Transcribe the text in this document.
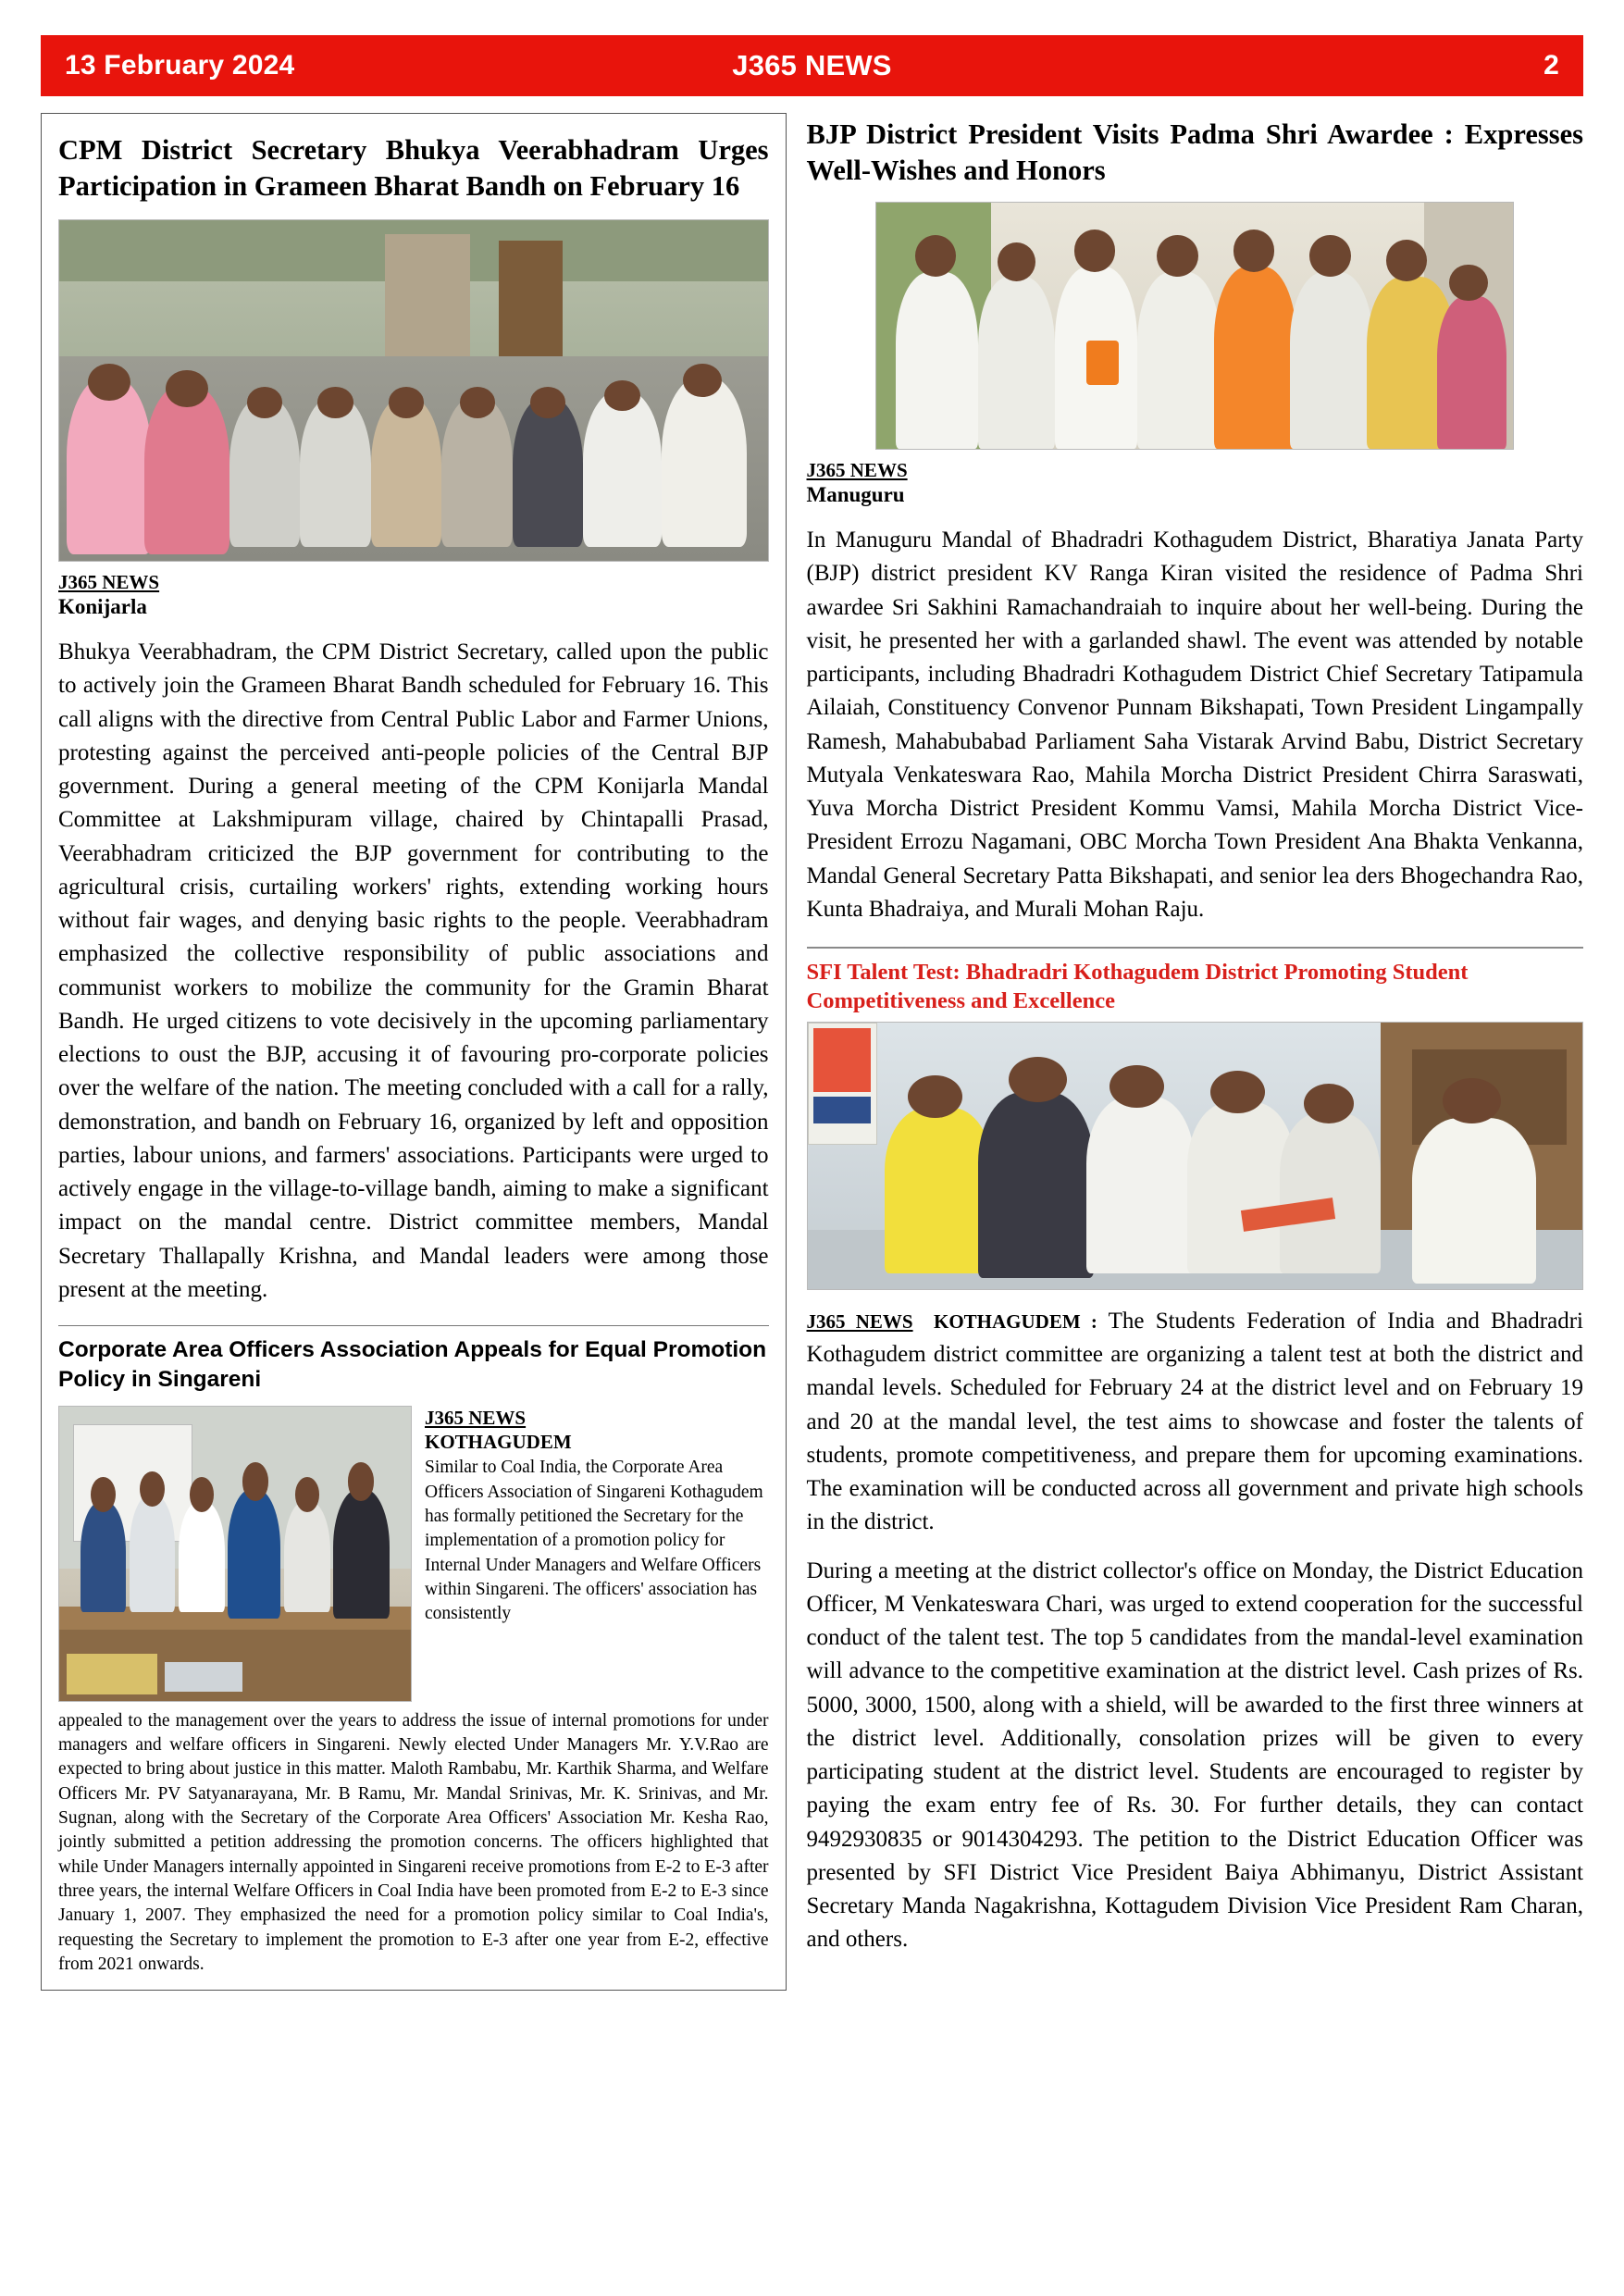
13 February 2024	J365 NEWS	2
CPM District Secretary Bhukya Veerabhadram Urges Participation in Grameen Bharat Bandh on February 16
J365 NEWS
Konijarla

Bhukya Veerabhadram, the CPM District Secretary, called upon the public to actively join the Grameen Bharat Bandh scheduled for February 16. This call aligns with the directive from Central Public Labor and Farmer Unions, protesting against the perceived anti-people policies of the Central BJP government. During a general meeting of the CPM Konijarla Mandal Committee at Lakshmipuram village, chaired by Chintapalli Prasad, Veerabhadram criticized the BJP government for contributing to the agricultural crisis, curtailing workers' rights, extending working hours without fair wages, and denying basic rights to the people. Veerabhadram emphasized the collective responsibility of public associations and communist workers to mobilize the community for the Gramin Bharat Bandh. He urged citizens to vote decisively in the upcoming parliamentary elections to oust the BJP, accusing it of favouring pro-corporate policies over the welfare of the nation. The meeting concluded with a call for a rally, demonstration, and bandh on February 16, organized by left and opposition parties, labour unions, and farmers' associations. Participants were urged to actively engage in the village-to-village bandh, aiming to make a significant impact on the mandal centre. District committee members, Mandal Secretary Thallapally Krishna, and Mandal leaders were among those present at the meeting.

Corporate Area Officers Association Appeals for Equal Promotion Policy in Singareni
J365 NEWS
KOTHAGUDEM

Similar to Coal India, the Corporate Area Officers Association of Singareni Kothagudem has formally petitioned the Secretary for the implementation of a promotion policy for Internal Under Managers and Welfare Officers within Singareni. The officers' association has consistently

appealed to the management over the years to address the issue of internal promotions for under managers and welfare officers in Singareni. Newly elected Under Managers Mr. Y.V.Rao are expected to bring about justice in this matter. Maloth Rambabu, Mr. Karthik Sharma, and Welfare Officers Mr. PV Satyanarayana, Mr. B Ramu, Mr. Mandal Srinivas, Mr. K. Srinivas, and Mr. Sugnan, along with the Secretary of the Corporate Area Officers' Association Mr. Kesha Rao, jointly submitted a petition addressing the promotion concerns. The officers highlighted that while Under Managers internally appointed in Singareni receive promotions from E-2 to E-3 after three years, the internal Welfare Officers in Coal India have been promoted from E-2 to E-3 since January 1, 2007. They emphasized the need for a promotion policy similar to Coal India's, requesting the Secretary to implement the promotion to E-3 after one year from E-2, effective from 2021 onwards.

BJP District President Visits Padma Shri Awardee : Expresses Well-Wishes and Honors
J365 NEWS
Manuguru

In Manuguru Mandal of Bhadradri Kothagudem District, Bharatiya Janata Party (BJP) district president KV Ranga Kiran visited the residence of Padma Shri awardee Sri Sakhini Ramachandraiah to inquire about her well-being. During the visit, he presented her with a garlanded shawl. The event was attended by notable participants, including Bhadradri Kothagudem District Chief Secretary Tatipamula Ailaiah, Constituency Convenor Punnam Bikshapati, Town President Lingampally Ramesh, Mahabubabad Parliament Saha Vistarak Arvind Babu, District Secretary Mutyala Venkateswara Rao, Mahila Morcha District President Chirra Saraswati, Yuva Morcha District President Kommu Vamsi, Mahila Morcha District Vice-President Errozu Nagamani, OBC Morcha Town President Ana Bhakta Venkanna, Mandal General Secretary Patta Bikshapati, and senior lea ders Bhogechandra Rao, Kunta Bhadraiya, and Murali Mohan Raju.

SFI Talent Test: Bhadradri Kothagudem District Promoting Student Competitiveness and Excellence

J365 NEWS KOTHAGUDEM : The Students Federation of India and Bhadradri Kothagudem district committee are organizing a talent test at both the district and mandal levels. Scheduled for February 24 at the district level and on February 19 and 20 at the mandal level, the test aims to showcase and foster the talents of students, promote competitiveness, and prepare them for upcoming examinations. The examination will be conducted across all government and private high schools in the district.

During a meeting at the district collector's office on Monday, the District Education Officer, M Venkateswara Chari, was urged to extend cooperation for the successful conduct of the talent test. The top 5 candidates from the mandal-level examination will advance to the competitive examination at the district level. Cash prizes of Rs. 5000, 3000, 1500, along with a shield, will be awarded to the first three winners at the district level. Additionally, consolation prizes will be given to every participating student at the district level. Students are encouraged to register by paying the exam entry fee of Rs. 30. For further details, they can contact 9492930835 or 9014304293. The petition to the District Education Officer was presented by SFI District Vice President Baiya Abhimanyu, District Assistant Secretary Manda Nagakrishna, Kottagudem Division Vice President Ram Charan, and others.
